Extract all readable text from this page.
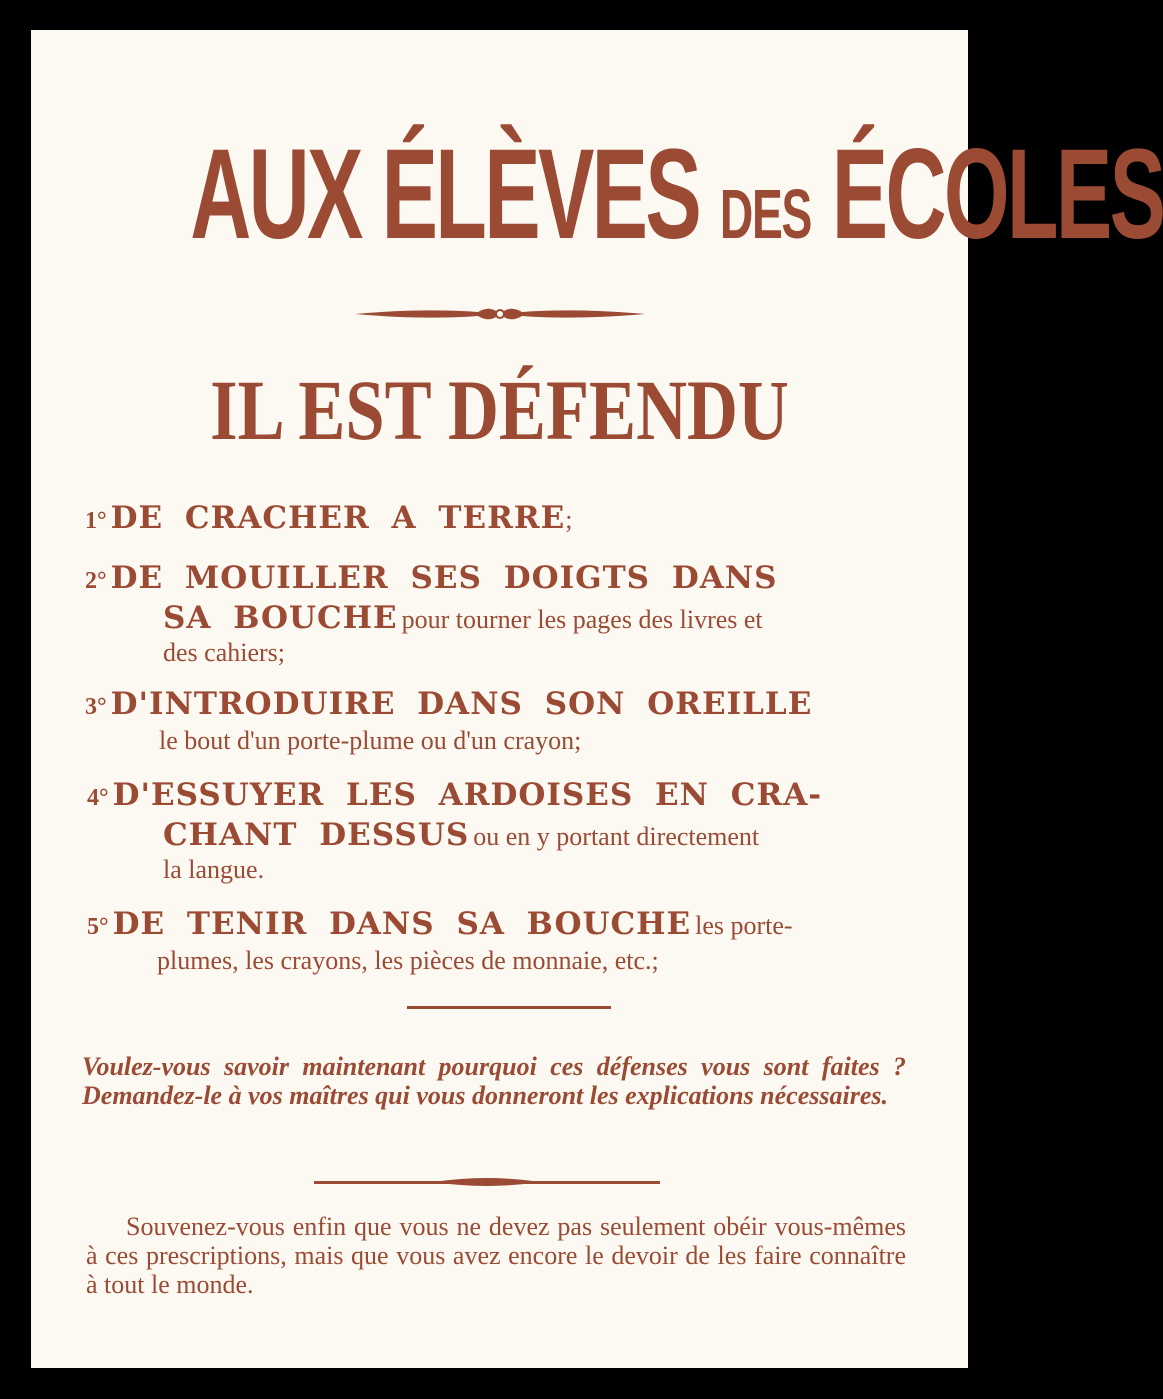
AUX ÉLÈVES DES ÉCOLES
IL EST DÉFENDU
1° DE CRACHER A TERRE;
2° DE MOUILLER SES DOIGTS DANS
SA BOUCHE pour tourner les pages des livres et
des cahiers;
3° D'INTRODUIRE DANS SON OREILLE
le bout d'un porte-plume ou d'un crayon;
4° D'ESSUYER LES ARDOISES EN CRA-
CHANT DESSUS ou en y portant directement
la langue.
5° DE TENIR DANS SA BOUCHE les porte-
plumes, les crayons, les pièces de monnaie, etc.;
Voulez-vous savoir maintenant pourquoi ces défenses vous sont faites ? Demandez-le à vos maîtres qui vous donneront les explications nécessaires.
Souvenez-vous enfin que vous ne devez pas seulement obéir vous-mêmes à ces prescriptions, mais que vous avez encore le devoir de les faire connaître à tout le monde.
